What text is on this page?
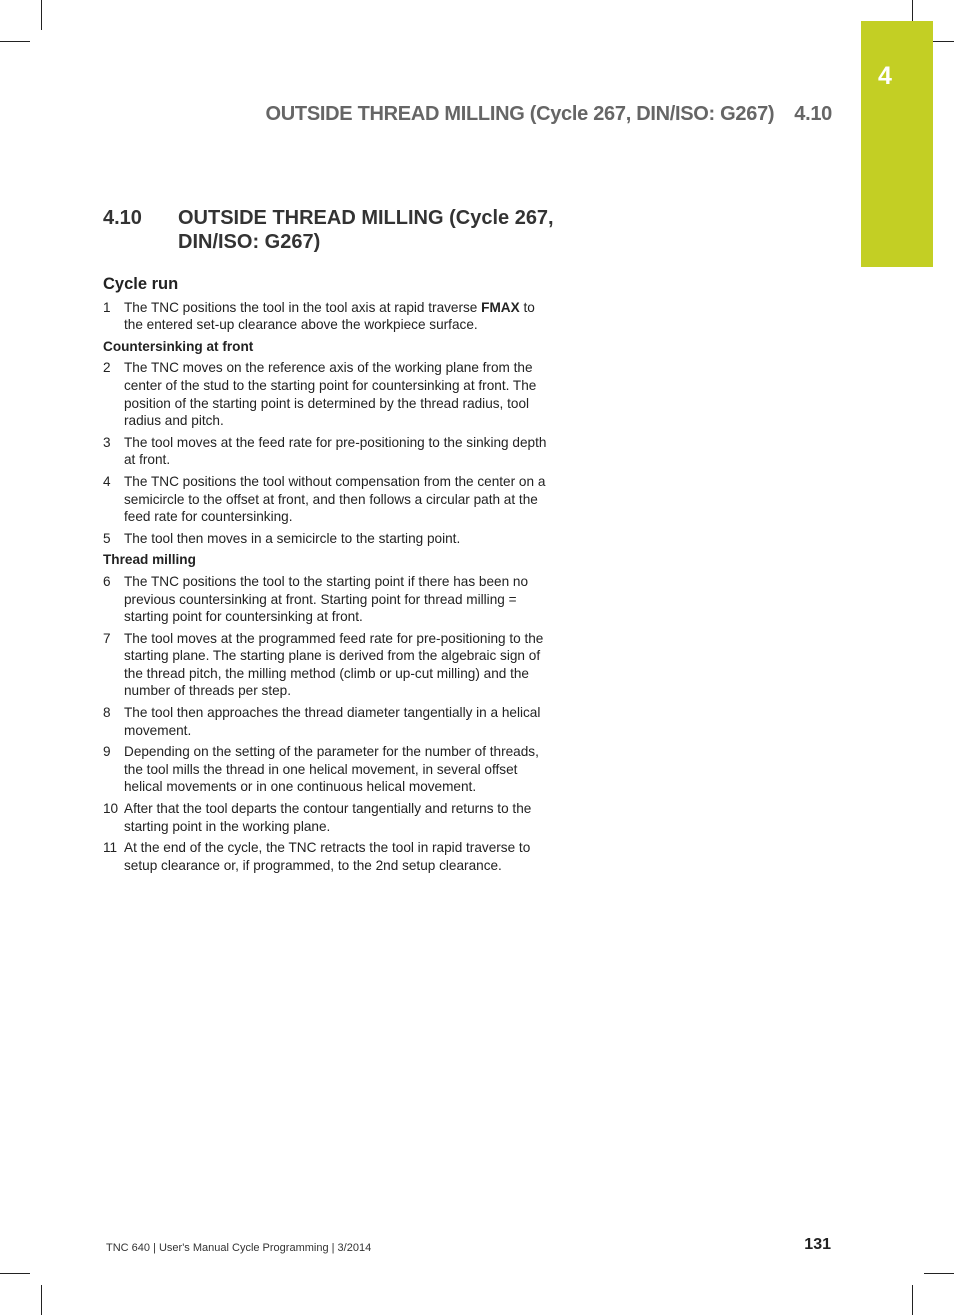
4
OUTSIDE THREAD MILLING (Cycle 267, DIN/ISO: G267) 4.10
4.10 OUTSIDE THREAD MILLING (Cycle 267, DIN/ISO: G267)
Cycle run
1 The TNC positions the tool in the tool axis at rapid traverse FMAX to the entered set-up clearance above the workpiece surface.
Countersinking at front
2 The TNC moves on the reference axis of the working plane from the center of the stud to the starting point for countersinking at front. The position of the starting point is determined by the thread radius, tool radius and pitch.
3 The tool moves at the feed rate for pre-positioning to the sinking depth at front.
4 The TNC positions the tool without compensation from the center on a semicircle to the offset at front, and then follows a circular path at the feed rate for countersinking.
5 The tool then moves in a semicircle to the starting point.
Thread milling
6 The TNC positions the tool to the starting point if there has been no previous countersinking at front. Starting point for thread milling = starting point for countersinking at front.
7 The tool moves at the programmed feed rate for pre-positioning to the starting plane. The starting plane is derived from the algebraic sign of the thread pitch, the milling method (climb or up-cut milling) and the number of threads per step.
8 The tool then approaches the thread diameter tangentially in a helical movement.
9 Depending on the setting of the parameter for the number of threads, the tool mills the thread in one helical movement, in several offset helical movements or in one continuous helical movement.
10 After that the tool departs the contour tangentially and returns to the starting point in the working plane.
11 At the end of the cycle, the TNC retracts the tool in rapid traverse to setup clearance or, if programmed, to the 2nd setup clearance.
TNC 640 | User's Manual Cycle Programming | 3/2014	131
